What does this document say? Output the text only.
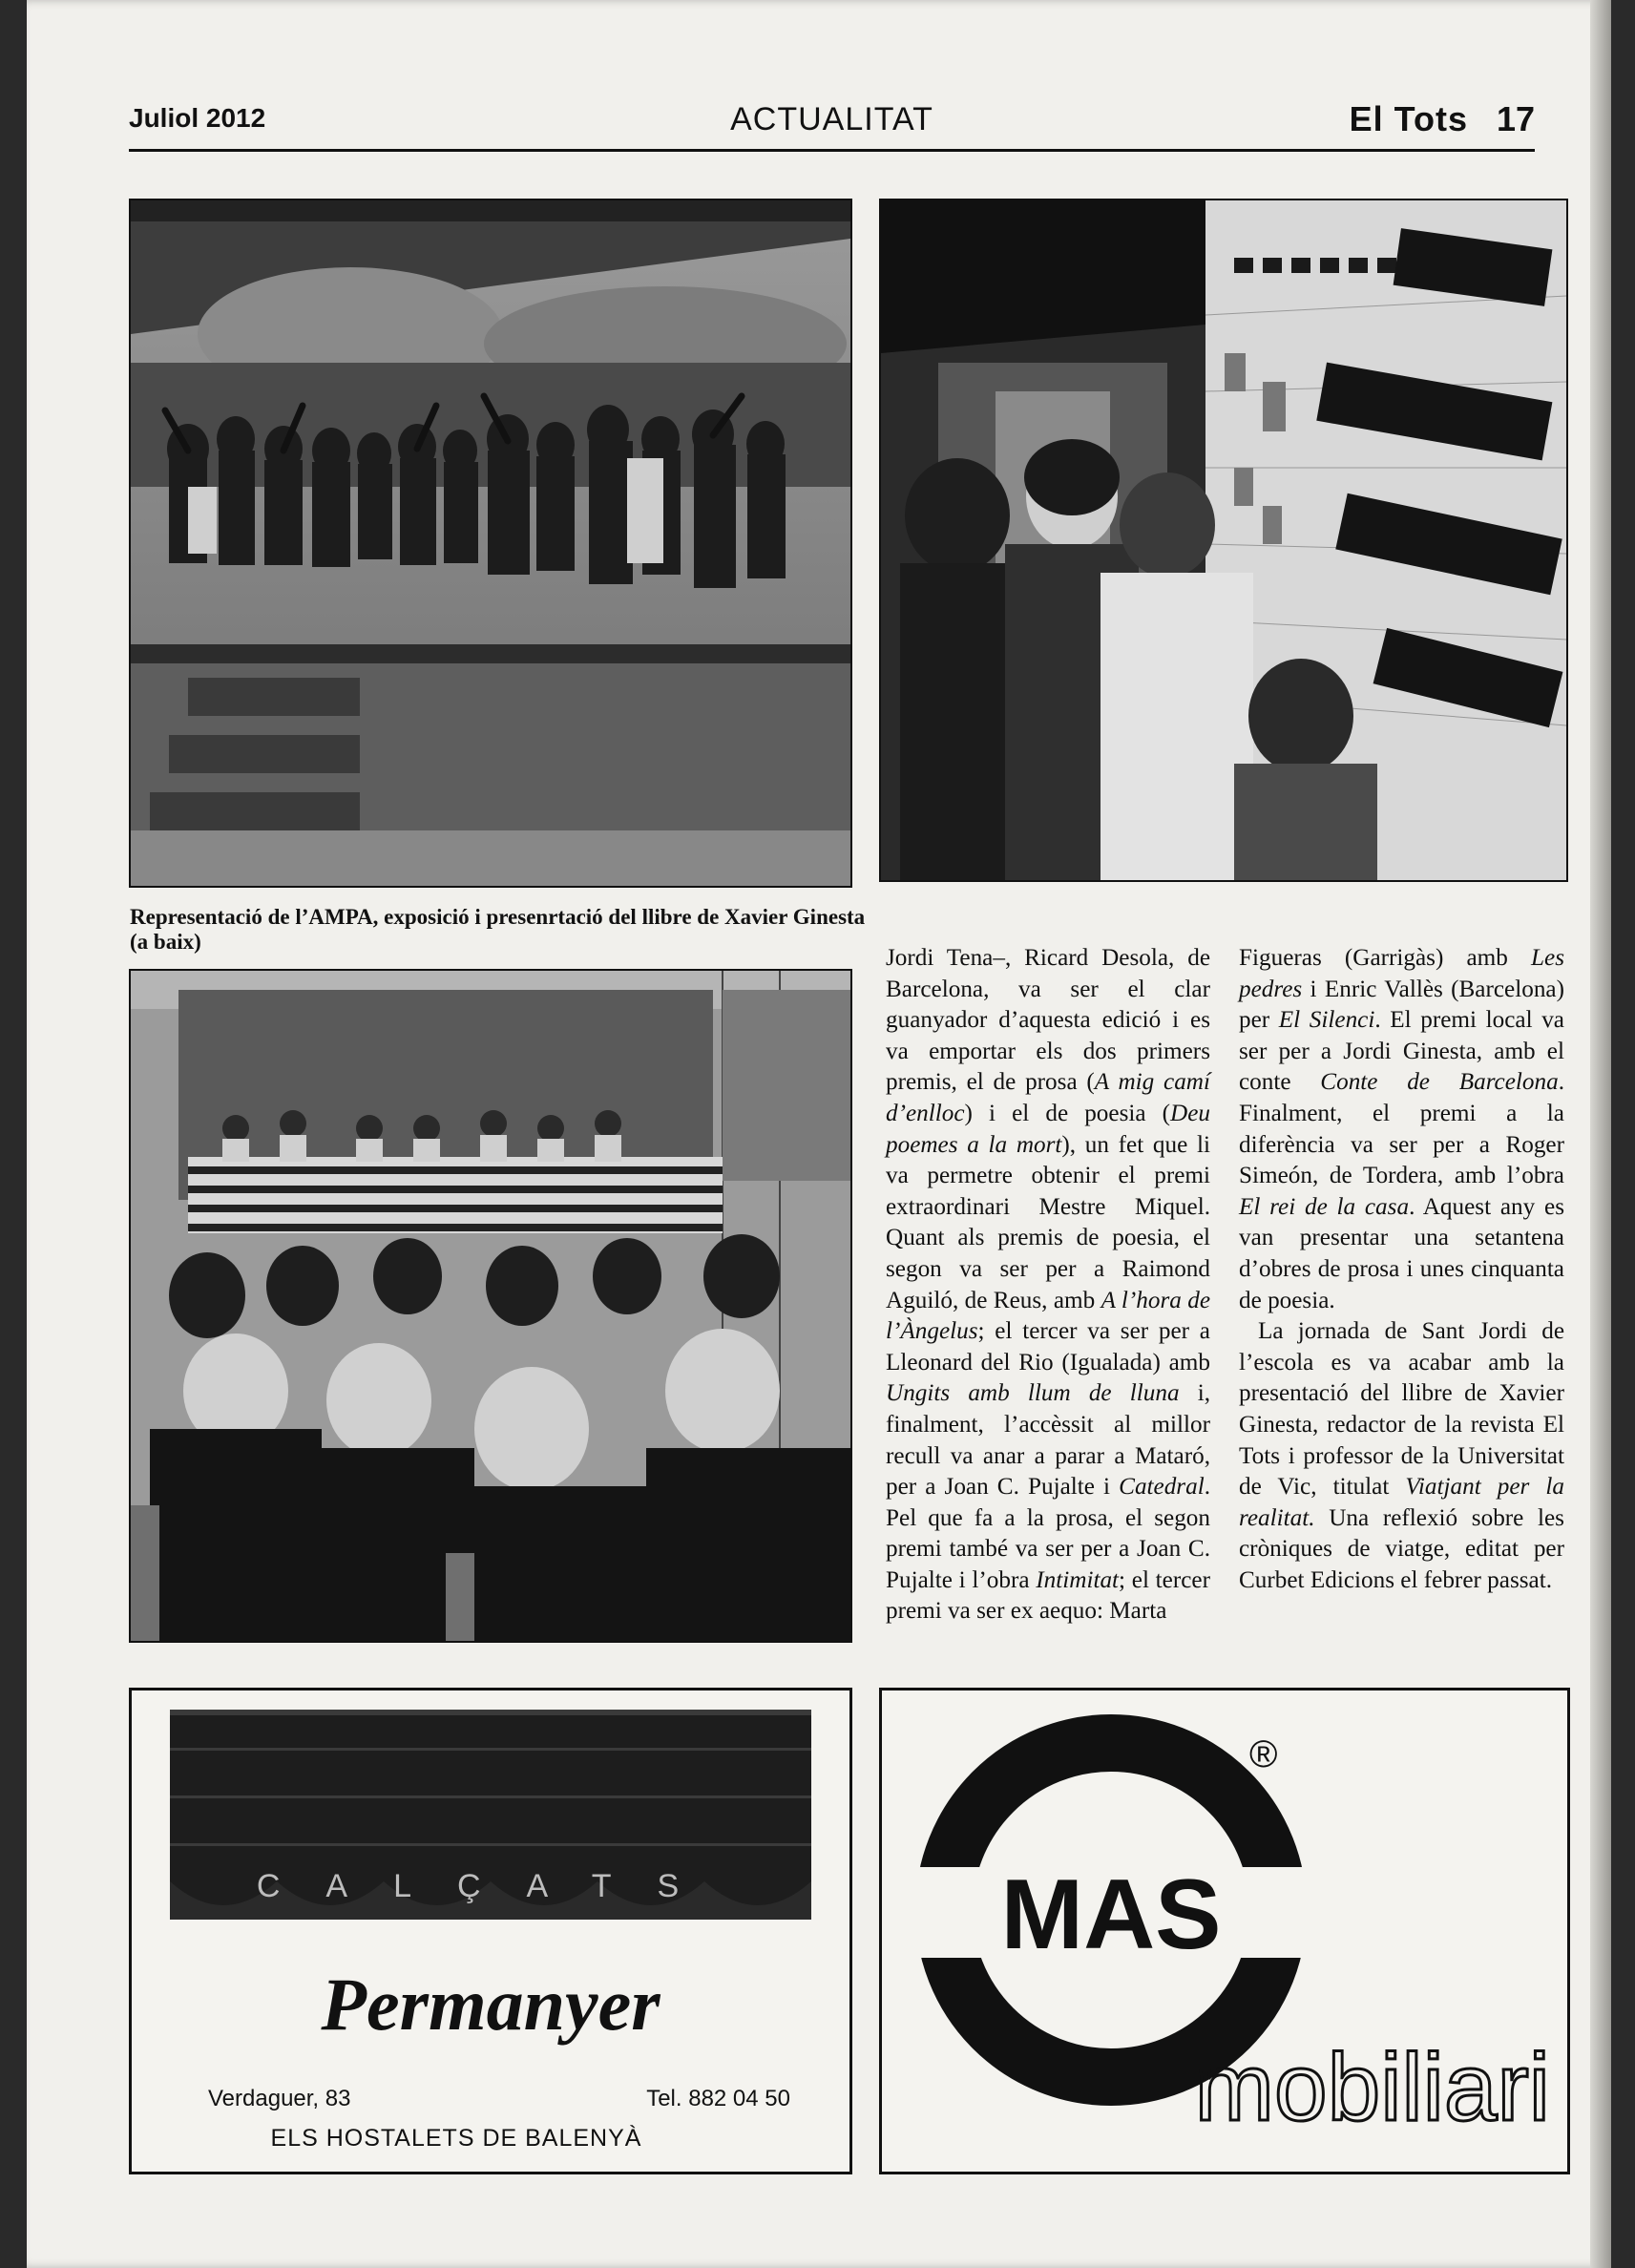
Juliol 2012	ACTUALITAT	El Tots 17
Representació de l’AMPA, exposició i presenrtació del llibre de Xavier Ginesta (a baix)

Jordi Tena–, Ricard Desola, de Barcelona, va ser el clar guanyador d’aquesta edició i es va emportar els dos primers premis, el de prosa (A mig camí d’enlloc) i el de poesia (Deu poemes a la mort), un fet que li va permetre obtenir el premi extraordinari Mestre Miquel. Quant als premis de poesia, el segon va ser per a Raimond Aguiló, de Reus, amb A l’hora de l’Àngelus; el tercer va ser per a Lleonard del Rio (Igualada) amb Ungits amb llum de lluna i, finalment, l’accèssit al millor recull va anar a parar a Mataró, per a Joan C. Pujalte i Catedral. Pel que fa a la prosa, el segon premi també va ser per a Joan C. Pujalte i l’obra Intimitat; el tercer premi va ser ex aequo: Marta

Figueras (Garrigàs) amb Les pedres i Enric Vallès (Barcelona) per El Silenci. El premi local va ser per a Jordi Ginesta, amb el conte Conte de Barcelona. Finalment, el premi a la diferència va ser per a Roger Simeón, de Tordera, amb l’obra El rei de la casa. Aquest any es van presentar una setantena d’obres de prosa i unes cinquanta de poesia.

La jornada de Sant Jordi de l’escola es va acabar amb la presentació del llibre de Xavier Ginesta, redactor de la revista El Tots i professor de la Universitat de Vic, titulat Viatjant per la realitat. Una reflexió sobre les cròniques de viatge, editat per Curbet Edicions el febrer passat.

CALÇATS
Permanyer
Verdaguer, 83	Tel. 882 04 50
ELS HOSTALETS DE BALENYÀ
MAS
®
mobiliari
